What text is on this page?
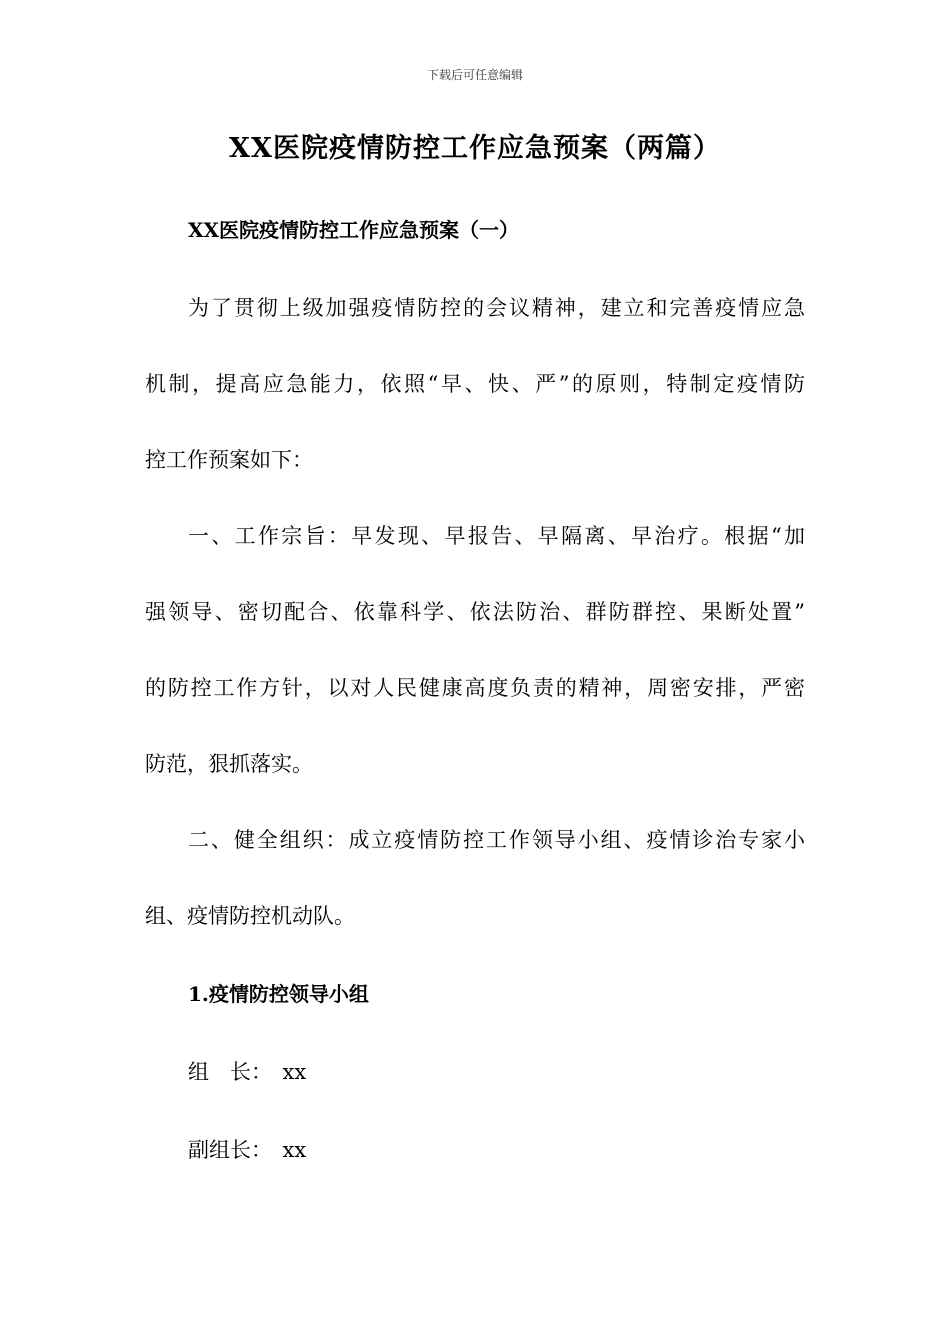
下载后可任意编辑
XX医院疫情防控工作应急预案（两篇）
XX医院疫情防控工作应急预案（一）

为了贯彻上级加强疫情防控的会议精神，建立和完善疫情应急

机制，提高应急能力，依照“早、快、严”的原则，特制定疫情防

控工作预案如下：

一、工作宗旨：早发现、早报告、早隔离、早治疗。根据“加

强领导、密切配合、依靠科学、依法防治、群防群控、果断处置”

的防控工作方针，以对人民健康高度负责的精神，周密安排，严密

防范，狠抓落实。

二、健全组织：成立疫情防控工作领导小组、疫情诊治专家小

组、疫情防控机动队。

1.疫情防控领导小组

组　长：　xx

副组长：　xx
